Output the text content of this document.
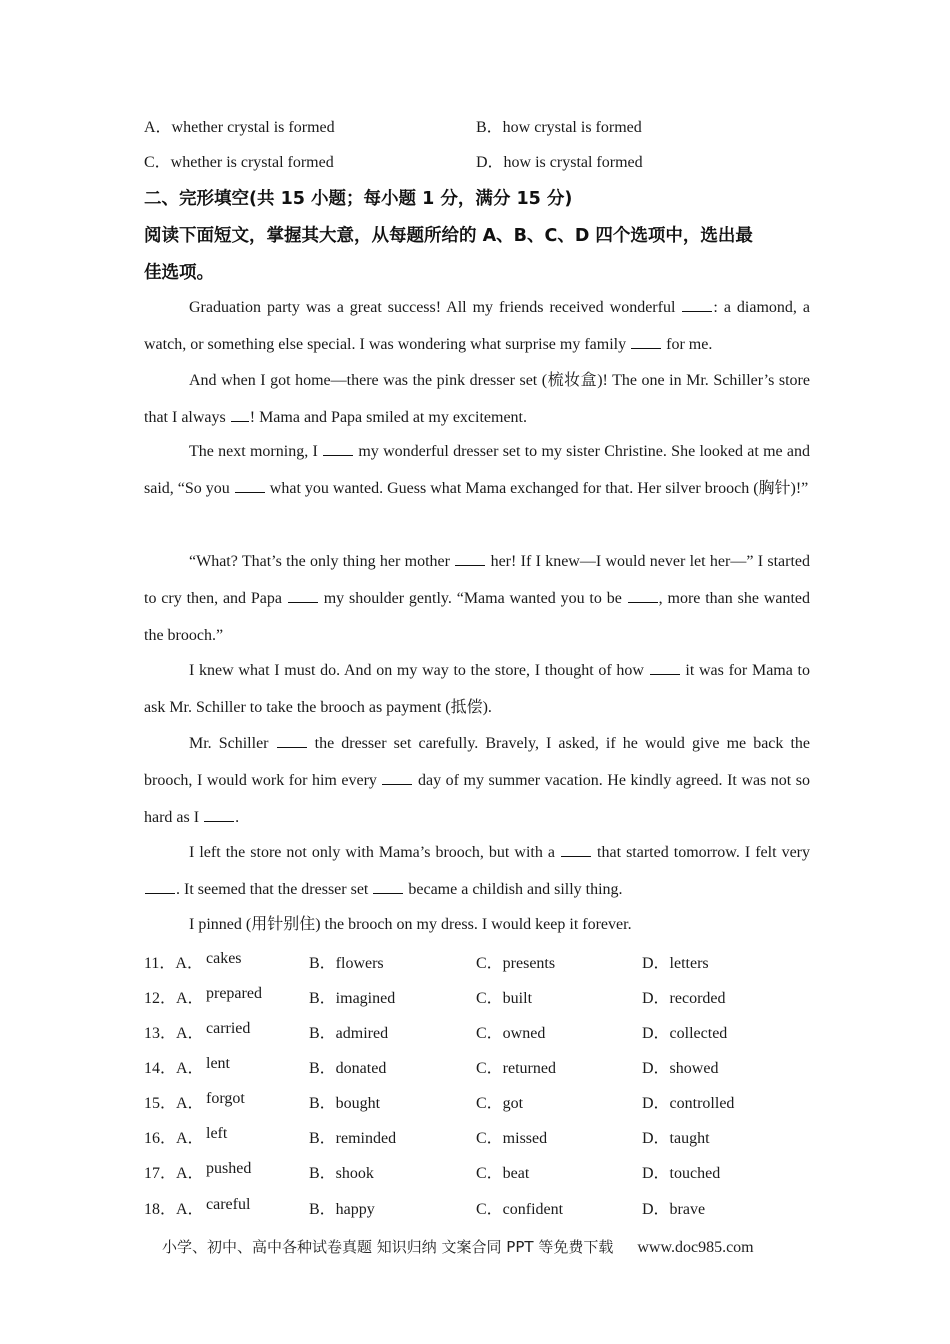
A．whether crystal is formed	B．how crystal is formed
C．whether is crystal formed	D．how is crystal formed
二、完形填空(共 15 小题；每小题 1 分，满分 15 分)
阅读下面短文，掌握其大意，从每题所给的 A、B、C、D 四个选项中，选出最
佳选项。

Graduation party was a great success! All my friends received wonderful : a diamond, a watch, or something else special. I was wondering what surprise my family  for me.

And when I got home—there was the pink dresser set (梳妆盒)! The one in Mr. Schiller’s store that I always ! Mama and Papa smiled at my excitement.

The next morning, I  my wonderful dresser set to my sister Christine. She looked at me and said, “So you  what you wanted. Guess what Mama exchanged for that. Her silver brooch (胸针)!”

“What? That’s the only thing her mother  her! If I knew—I would never let her—” I started to cry then, and Papa  my shoulder gently. “Mama wanted you to be , more than she wanted the brooch.”

I knew what I must do. And on my way to the store, I thought of how  it was for Mama to ask Mr. Schiller to take the brooch as payment (抵偿).

Mr. Schiller  the dresser set carefully. Bravely, I asked, if he would give me back the brooch, I would work for him every  day of my summer vacation. He kindly agreed. It was not so hard as I .

I left the store not only with Mama’s brooch, but with a  that started tomorrow. I felt very . It seemed that the dresser set  became a childish and silly thing.

I pinned (用针别住) the brooch on my dress. I would keep it forever.

11．A． cakes	B．flowers	C．presents	D．letters
12．A． prepared	B．imagined	C．built	D．recorded
13．A． carried	B．admired	C．owned	D．collected
14．A． lent	B．donated	C．returned	D．showed
15．A． forgot	B．bought	C．got	D．controlled
16．A． left	B．reminded	C．missed	D．taught
17．A． pushed	B．shook	C．beat	D．touched
18．A． careful	B．happy	C．confident	D．brave
小学、初中、高中各种试卷真题 知识归纳 文案合同 PPT 等免费下载 www.doc985.com
